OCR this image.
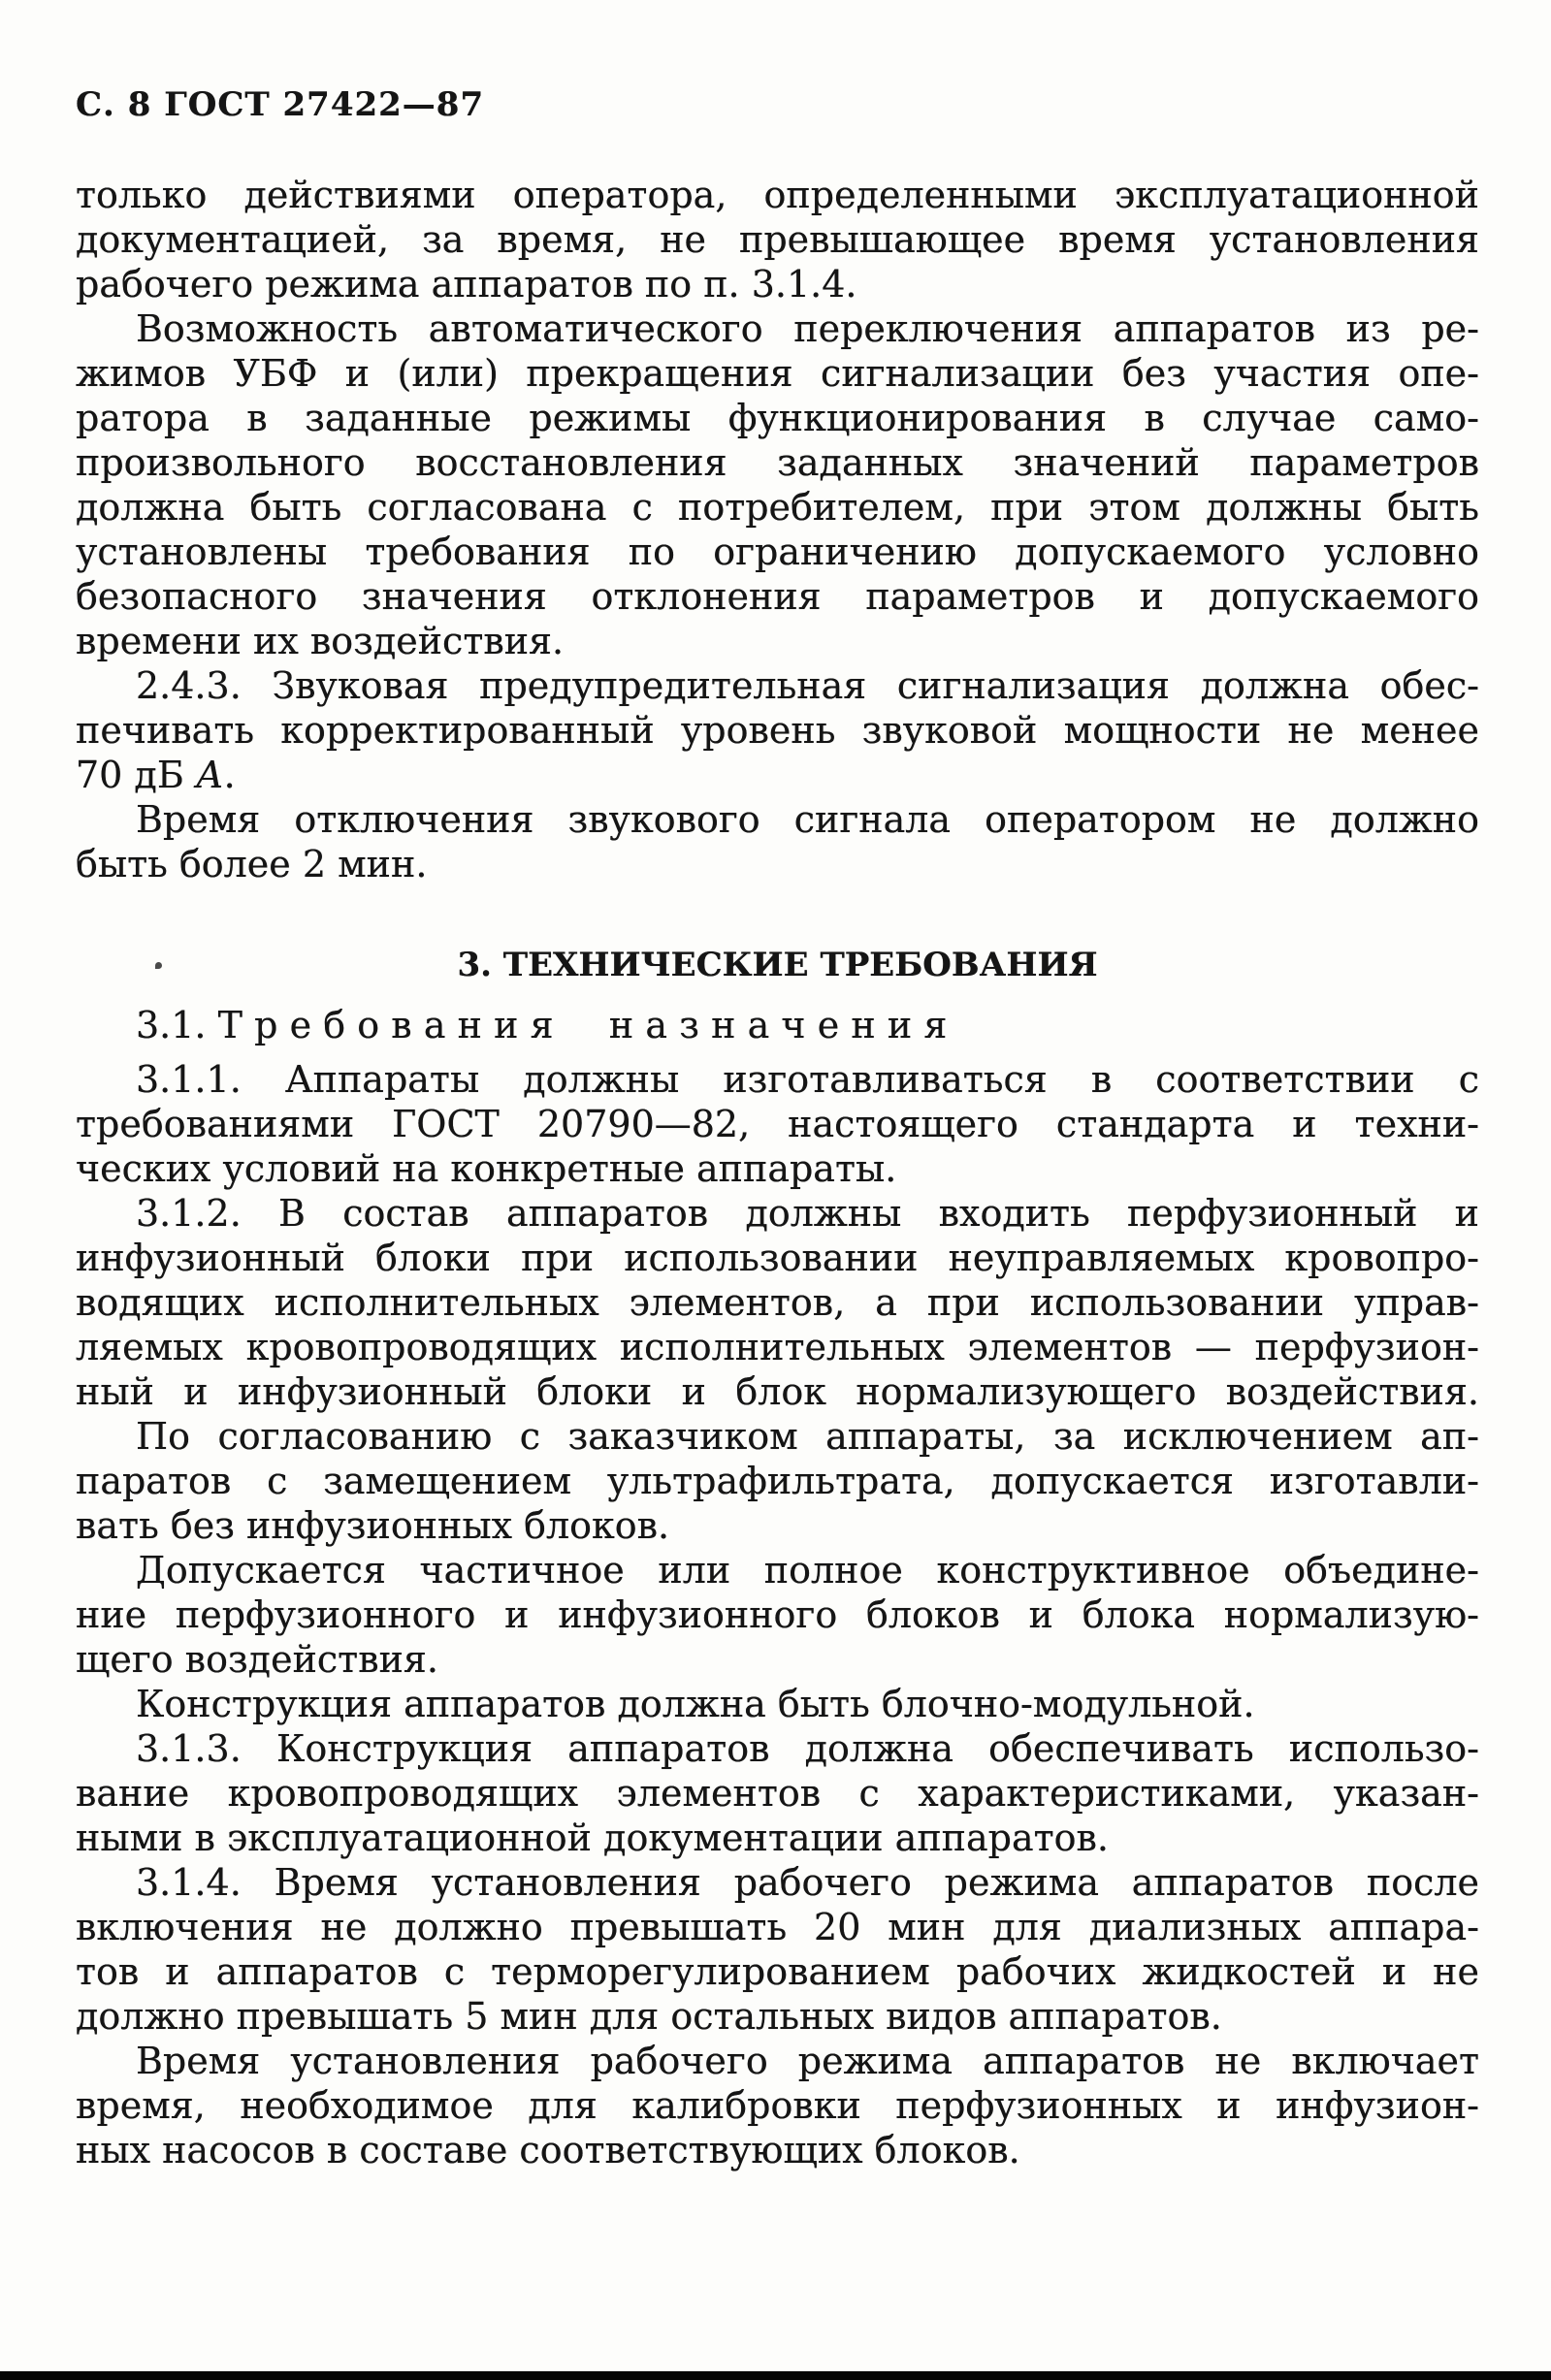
С. 8 ГОСТ 27422—87
только действиями оператора, определенными эксплуатационной
документацией, за время, не превышающее время установления
рабочего режима аппаратов по п. 3.1.4.
Возможность автоматического переключения аппаратов из ре-
жимов УБФ и (или) прекращения сигнализации без участия опе-
ратора в заданные режимы функционирования в случае само-
произвольного восстановления заданных значений параметров
должна быть согласована с потребителем, при этом должны быть
установлены требования по ограничению допускаемого условно
безопасного значения отклонения параметров и допускаемого
времени их воздействия.
2.4.3. Звуковая предупредительная сигнализация должна обес-
печивать корректированный уровень звуковой мощности не менее
70 дБ А.
Время отключения звукового сигнала оператором не должно
быть более 2 мин.
3. ТЕХНИЧЕСКИЕ ТРЕБОВАНИЯ
3.1. Требования назначения
3.1.1. Аппараты должны изготавливаться в соответствии с
требованиями ГОСТ 20790—82, настоящего стандарта и техни-
ческих условий на конкретные аппараты.
3.1.2. В состав аппаратов должны входить перфузионный и
инфузионный блоки при использовании неуправляемых кровопро-
водящих исполнительных элементов, а при использовании управ-
ляемых кровопроводящих исполнительных элементов — перфузион-
ный и инфузионный блоки и блок нормализующего воздействия.
По согласованию с заказчиком аппараты, за исключением ап-
паратов с замещением ультрафильтрата, допускается изготавли-
вать без инфузионных блоков.
Допускается частичное или полное конструктивное объедине-
ние перфузионного и инфузионного блоков и блока нормализую-
щего воздействия.
Конструкция аппаратов должна быть блочно-модульной.
3.1.3. Конструкция аппаратов должна обеспечивать использо-
вание кровопроводящих элементов с характеристиками, указан-
ными в эксплуатационной документации аппаратов.
3.1.4. Время установления рабочего режима аппаратов после
включения не должно превышать 20 мин для диализных аппара-
тов и аппаратов с терморегулированием рабочих жидкостей и не
должно превышать 5 мин для остальных видов аппаратов.
Время установления рабочего режима аппаратов не включает
время, необходимое для калибровки перфузионных и инфузион-
ных насосов в составе соответствующих блоков.
